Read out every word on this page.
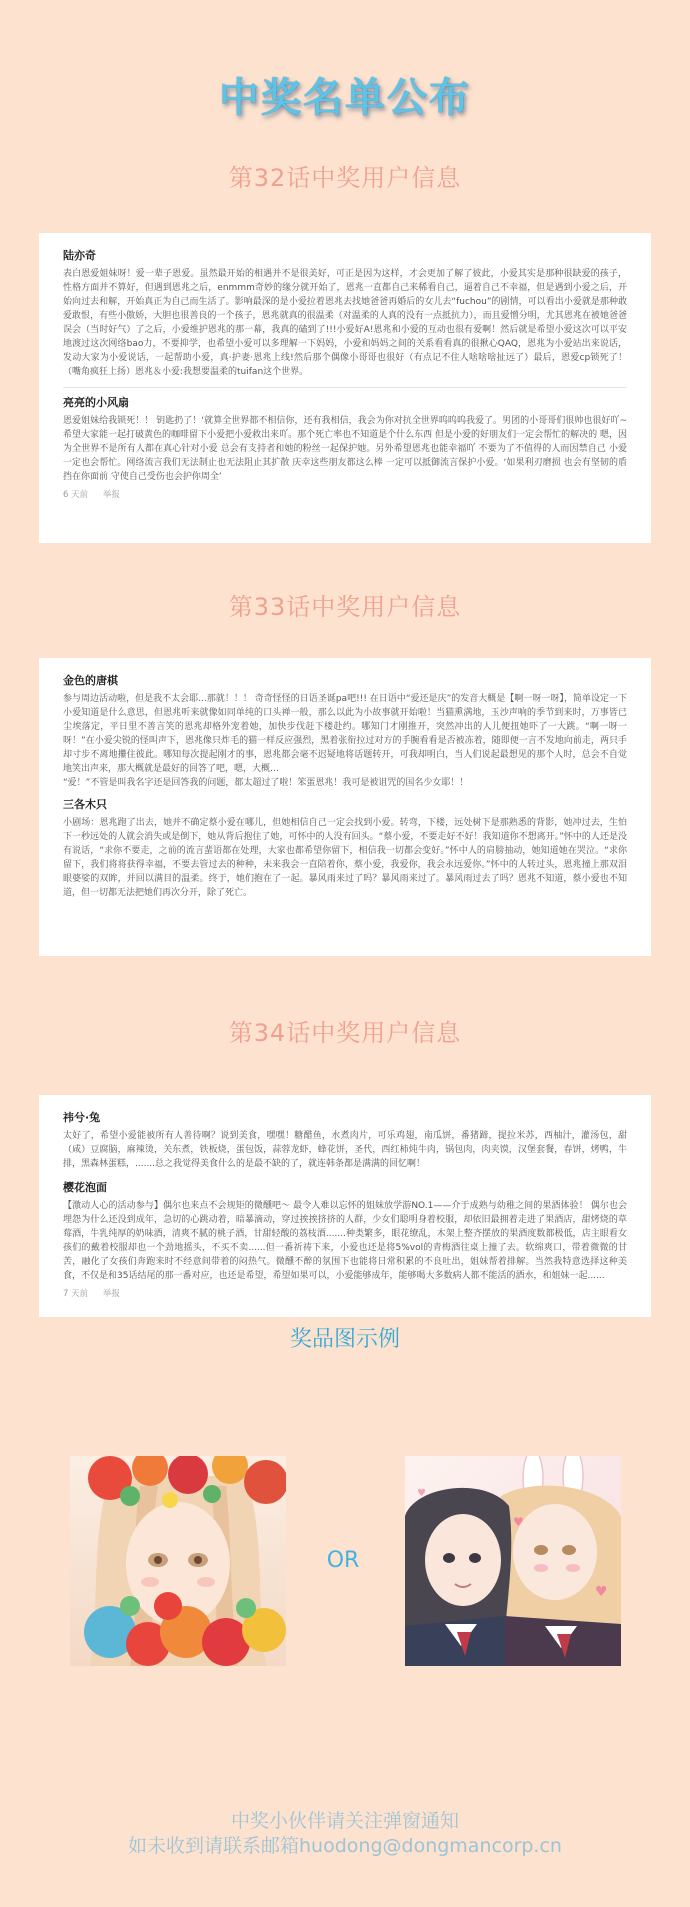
中奖名单公布
第32话中奖用户信息
陆亦奇

表白恩爱姐妹呀！爱一辈子恩爱。虽然最开始的相遇并不是很美好，可正是因为这样，才会更加了解了彼此，小爱其实是那种很缺爱的孩子，性格方面并不算好，但遇到恩兆之后，enmmm奇妙的缘分就开始了，恩兆一直都自己来稀看自己，逼着自己不幸福，但是遇到小爱之后，开始向过去和解，开始真正为自己而生活了。影响最深的是小爱拉着恩兆去找她爸爸再婚后的女儿去“fuchou”的剧情，可以看出小爱就是那种敢爱敢恨，有些小傲娇，大胆也很善良的一个孩子，恩兆就真的很温柔（对温柔的人真的没有一点抵抗力），而且爱憎分明，尤其恩兆在被她爸爸误会（当时好气）了之后，小爱维护恩兆的那一幕，我真的磕到了!!!小爱好A!恩兆和小爱的互动也很有爱啊！然后就是希望小爱这次可以平安地渡过这次网络bao力，不要抑学，也希望小爱可以多理解一下妈妈，小爱和妈妈之间的关系看看真的很揪心QAQ，恩兆为小爱站出来说话，发动大家为小爱说话，一起帮助小爱，真·护妻·恩兆上线!然后那个偶像小哥哥也很好（有点记不住人啥啥啥扯远了）最后，恩爱cp锁死了！（嘴角疯狂上扬）恩兆＆小爱:我想要温柔的tuifan这个世界。

亮亮的小风扇

恩爱姐妹给我锁死！！ 钥匙扔了！‘就算全世界都不相信你，还有我相信，我会为你对抗全世界呜呜呜我爱了。男团的小哥哥们很帅也很好吖~希望大家能一起打破黄色的咖啡留下小爱把小爱救出来吖。那个死亡率也不知道是个什么东西 但是小爱的好朋友们一定会帮忙的解决的 嗯，因为全世界不是所有人都在真心针对小爱 总会有支持者和她的粉丝一起保护她。另外希望恩兆也能幸福吖 不要为了不值得的人而因禁自己 小爱一定也会帮忙。网络流言我们无法制止也无法阻止其扩散 庆幸这些朋友都这么棒 一定可以抵御流言保护小爱。‘如果利刃磨损 也会有坚韧的盾挡在你面前 守使自己受伤也会护你周全’

6 天前 举报
第33话中奖用户信息
金色的唐棋

参与周边活动啦，但是我不太会耶...那就！！！ 奇奇怪怪的日语圣诞pa吧!!! 在日语中“爱还是庆”的发音大概是【啊一呀一呀】，简单设定一下小爱知道是什么意思，但恩兆听来就像如同单纯的口头禅一般，那么以此为小故事就开始啦！当猫熏满地，玉沙声响的季节到来时，万事皆已尘埃落定，平日里不善言笑的恩兆却格外宠着她，加快步伐赶下楼赴约。哪知门才刚推开，突然冲出的人儿便扭她吓了一大跳。“啊一呀一呀！”在小爱尖锐的怪叫声下，恩兆像只炸毛的猫一样反应强烈，黑着张衔拉过对方的手腕看看是否被冻着，随即便一言不发地向前走，两只手却寸步不离地攥住彼此。哪知每次提起刚才的事，恩兆都会毫不迟疑地将话题转开，可我却明白，当人们说起最想见的那个人时，总会不自觉地笑出声来，那大概就是最好的回答了吧，嗯，大概…

“爱！”不管是叫我名字还是回答我的问题，都太超过了啦！笨蛋恩兆！我可是被诅咒的国名少女耶！！

三各木只

小剧场：恩兆跑了出去，她并不确定蔡小爱在哪儿，但她相信自己一定会找到小爱。转弯，下楼，远处树下是那熟悉的背影，她冲过去，生怕下一秒远处的人就会消失或是倒下，她从背后抱住了她，可怀中的人没有回头。“蔡小爱，不要走好不好！我知道你不想离开。”怀中的人还是没有说话，“求你不要走，之前的流言蜚语都在处理，大家也都希望你留下，相信我一切都会变好。”怀中人的肩膀抽动，她知道她在哭泣。“求你留下，我们将将获得幸福，不要去管过去的种种，未来我会一直陪着你，蔡小爱，我爱你，我会永远爱你。”怀中的人转过头，恩兆撞上那双泪眼婆娑的双眸，并回以满目的温柔。终于，她们抱在了一起。暴风雨来过了吗？暴风雨来过了。暴风雨过去了吗？恩兆不知道，蔡小爱也不知道，但一切都无法把她们再次分开，除了死亡。

第34话中奖用户信息
祎兮·兔

太好了，希望小爱能被所有人善待啊？说到美食，嘿嘿！糖醋鱼，水煮肉片，可乐鸡翅，南瓜饼，番猪蹄，提拉米苏，西柚汁，灌汤包，甜（咸）豆腐脑，麻辣烫，关东煮，铁板烧，蛋包饭，蒜蓉龙虾，蜂花饼，圣代，西红柿炖牛肉，锅包肉，肉夹馍，汉堡套餐，春饼，烤鸭，牛排，黑森林蛋糕，.......总之我觉得美食什么的是最不缺的了，就连韩条都是满满的回忆啊！

樱花泡面

【激动人心的活动参与】偶尔也来点不会规矩的微醺吧～ 最令人难以忘怀的姐妹放学游NO.1——介于成熟与幼稚之间的果酒体验！ 偶尔也会埋怨为什么还没到成年，急切的心跳动着，暗暴滴动，穿过挨挨挤挤的人群，少女们聪明身着校服，却依旧最拥着走进了果酒店，甜烤烧的草莓酒，牛乳纯厚的奶味酒，清爽不腻的桃子酒，甘甜轻酸的荔枝酒.......种类繁多，眼花缭乱，木架上整齐摆放的果酒度数都极低，店主眼看女孩们的戴着校服却也一个劲地摇头，不买不卖......但一番祈祷下来，小爱也还是将5%vol的青梅酒往桌上撞了去。软绵爽口，带着微微的甘苦，融化了女孩们奔跑来时不经意间带着的闷热气。微醺不醉的氛围下也能将日常积累的不良吐出，姐妹帮着排解。当然我特意选择这种美食，不仅是和35话结尾的那一番对应，也还是希望，希望如果可以，小爱能够成年，能够喝大多数病人都不能活的酒水，和姐妹一起......

7 天前 举报
奖品图示例
OR
♥
♥
♥

中奖小伙伴请关注弹窗通知

如未收到请联系邮箱huodong@dongmancorp.cn
